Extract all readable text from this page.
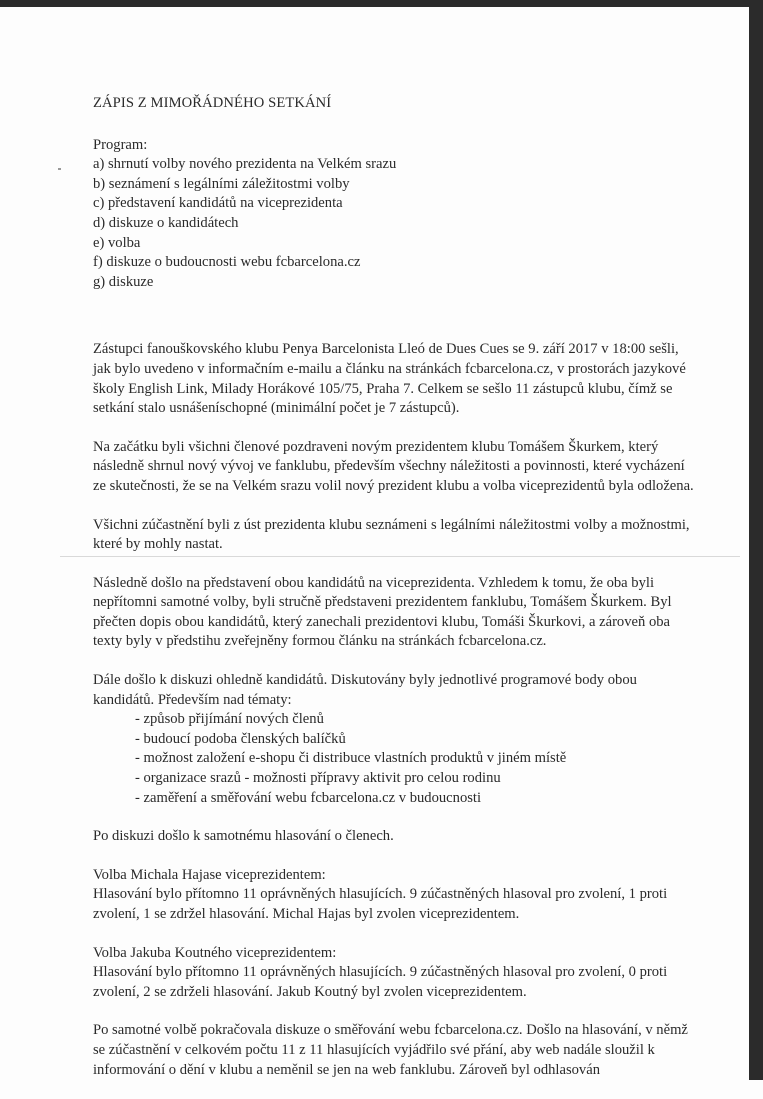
ZÁPIS Z MIMOŘÁDNÉHO SETKÁNÍ

Program:

a) shrnutí volby nového prezidenta na Velkém srazu
b) seznámení s legálními záležitostmi volby
c) představení kandidátů na viceprezidenta
d) diskuze o kandidátech
e) volba
f) diskuze o budoucnosti webu fcbarcelona.cz
g) diskuze

Zástupci fanouškovského klubu Penya Barcelonista Lleó de Dues Cues se 9. září 2017 v 18:00 sešli, jak bylo uvedeno v informačním e-mailu a článku na stránkách fcbarcelona.cz, v prostorách jazykové školy English Link, Milady Horákové 105/75, Praha 7. Celkem se sešlo 11 zástupců klubu, čímž se setkání stalo usnášeníschopné (minimální počet je 7 zástupců).

Na začátku byli všichni členové pozdraveni novým prezidentem klubu Tomášem Škurkem, který následně shrnul nový vývoj ve fanklubu, především všechny náležitosti a povinnosti, které vycházení ze skutečnosti, že se na Velkém srazu volil nový prezident klubu a volba viceprezidentů byla odložena.

Všichni zúčastnění byli z úst prezidenta klubu seznámeni s legálními náležitostmi volby a možnostmi, které by mohly nastat.

Následně došlo na představení obou kandidátů na viceprezidenta. Vzhledem k tomu, že oba byli nepřítomni samotné volby, byli stručně představeni prezidentem fanklubu, Tomášem Škurkem. Byl přečten dopis obou kandidátů, který zanechali prezidentovi klubu, Tomáši Škurkovi, a zároveň oba texty byly v předstihu zveřejněny formou článku na stránkách fcbarcelona.cz.

Dále došlo k diskuzi ohledně kandidátů. Diskutovány byly jednotlivé programové body obou kandidátů. Především nad tématy:

- způsob přijímání nových členů
- budoucí podoba členských balíčků
- možnost založení e-shopu či distribuce vlastních produktů v jiném místě
- organizace srazů - možnosti přípravy aktivit pro celou rodinu
- zaměření a směřování webu fcbarcelona.cz v budoucnosti

Po diskuzi došlo k samotnému hlasování o členech.

Volba Michala Hajase viceprezidentem:

Hlasování bylo přítomno 11 oprávněných hlasujících. 9 zúčastněných hlasoval pro zvolení, 1 proti zvolení, 1 se zdržel hlasování. Michal Hajas byl zvolen viceprezidentem.

Volba Jakuba Koutného viceprezidentem:

Hlasování bylo přítomno 11 oprávněných hlasujících. 9 zúčastněných hlasoval pro zvolení, 0 proti zvolení, 2 se zdrželi hlasování. Jakub Koutný byl zvolen viceprezidentem.

Po samotné volbě pokračovala diskuze o směřování webu fcbarcelona.cz. Došlo na hlasování, v němž se zúčastnění v celkovém počtu 11 z 11 hlasujících vyjádřilo své přání, aby web nadále sloužil k informování o dění v klubu a neměnil se jen na web fanklubu. Zároveň byl odhlasován
